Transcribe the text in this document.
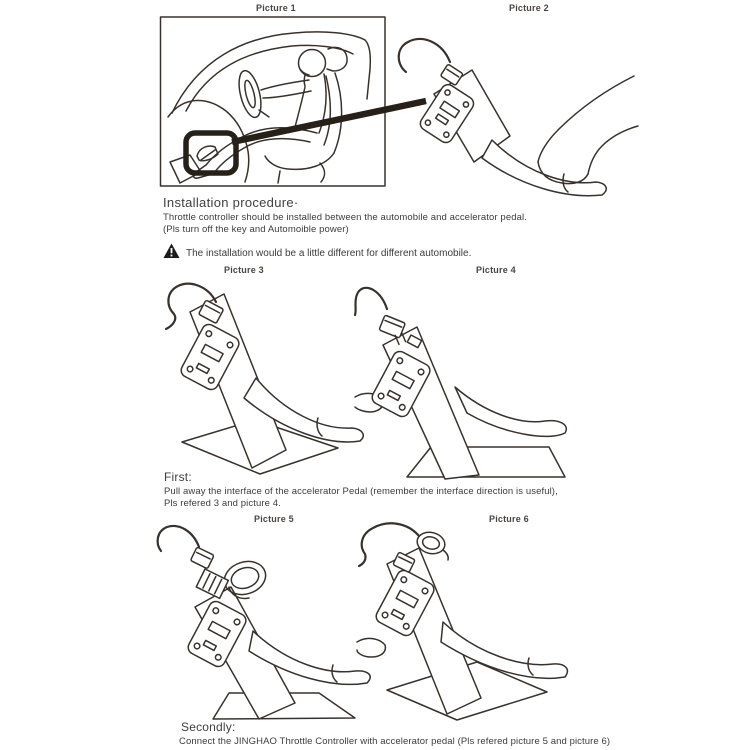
Picture 1	Picture 2
Picture 3	Picture 4
Picture 5	Picture 6
Installation procedure·
Throttle controller should be installed between the automobile and accelerator pedal.
(Pls turn off the key and Automoible power)
The installation would be a little different for different automobile.
First:
Pull away the interface of the accelerator Pedal (remember the interface direction is useful),
Pls refered 3 and picture 4.
Secondly:
Connect the JINGHAO Throttle Controller with accelerator pedal (Pls refered picture 5 and picture 6)
